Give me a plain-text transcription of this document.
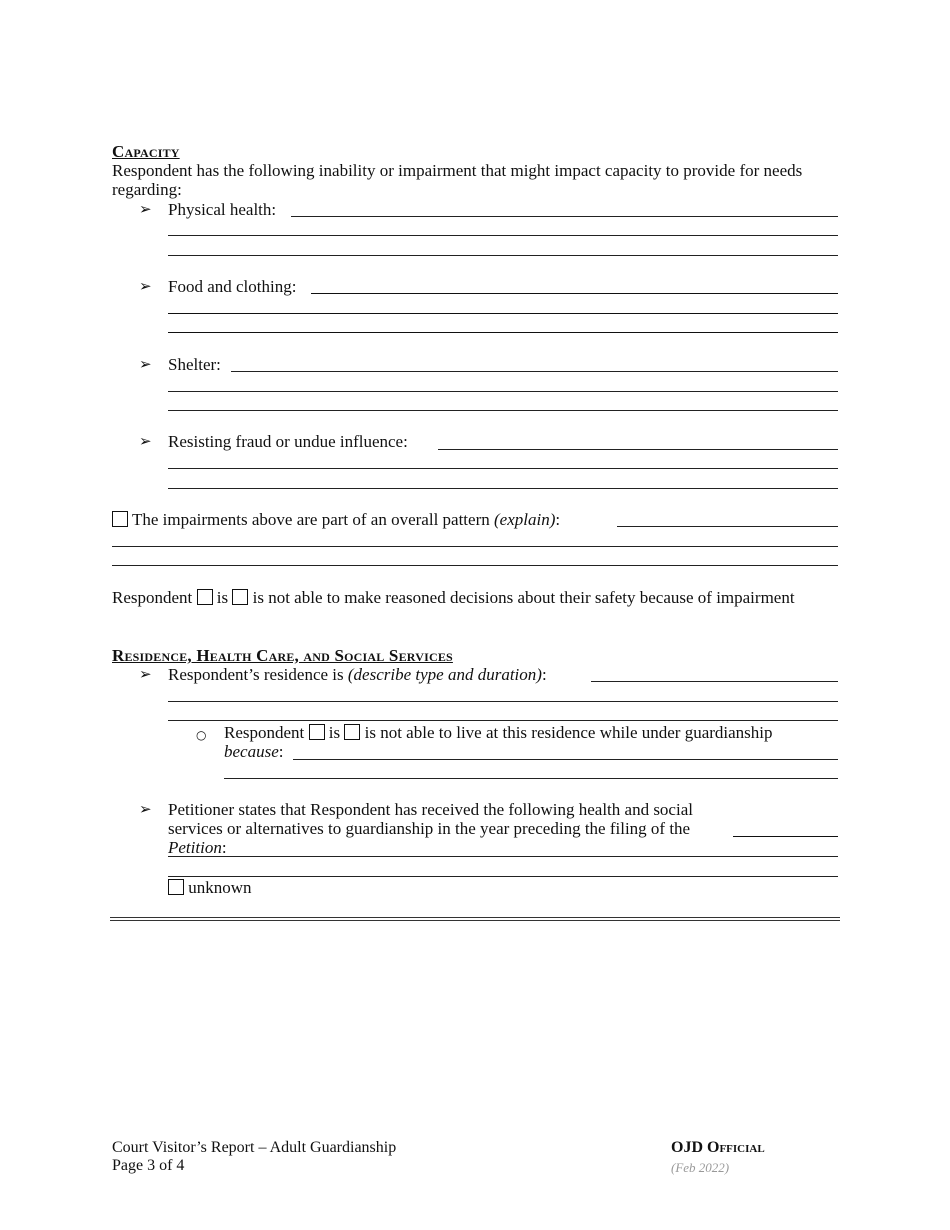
Capacity
Respondent has the following inability or impairment that might impact capacity to provide for needs regarding:
➢ Physical health:
➢ Food and clothing:
➢ Shelter:
➢ Resisting fraud or undue influence:
The impairments above are part of an overall pattern (explain):
Respondent is is not able to make reasoned decisions about their safety because of impairment
Residence, Health Care, and Social Services
➢ Respondent’s residence is (describe type and duration):
○ Respondent is is not able to live at this residence while under guardianship
because:
➢ Petitioner states that Respondent has received the following health and social services or alternatives to guardianship in the year preceding the filing of the Petition:
unknown
Court Visitor’s Report – Adult Guardianship
Page 3 of 4
OJD Official
(Feb 2022)
